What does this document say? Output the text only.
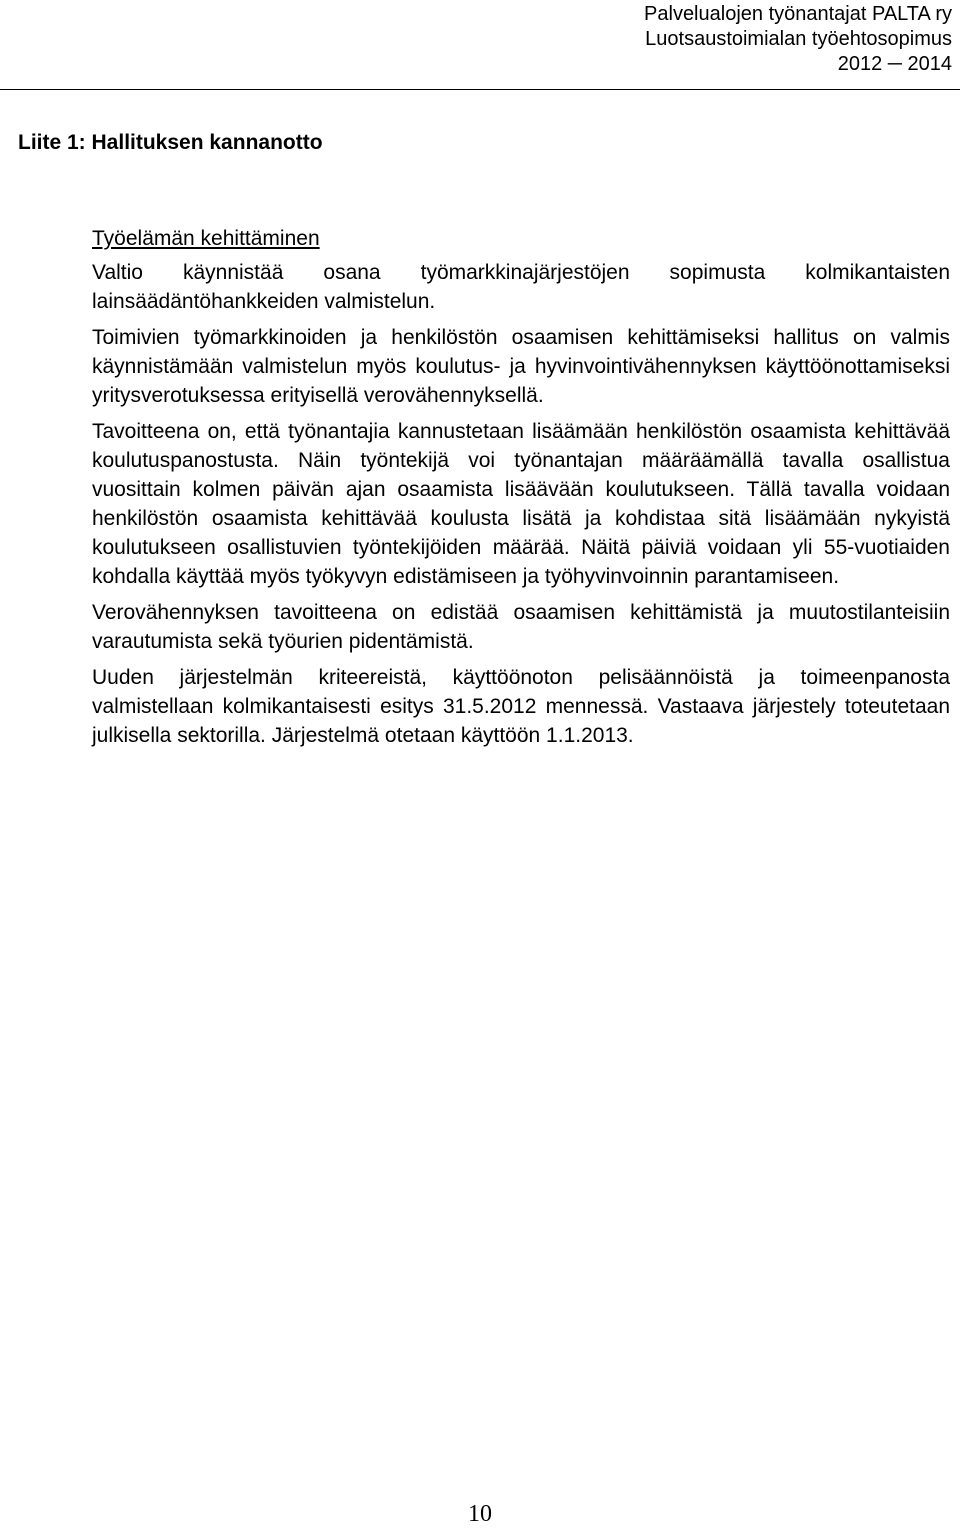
Palvelualojen työnantajat PALTA ry
Luotsaustoimialan työehtosopimus
2012 ─ 2014
Liite 1: Hallituksen kannanotto
Työelämän kehittäminen

Valtio käynnistää osana työmarkkinajärjestöjen sopimusta kolmikantaisten lainsäädäntöhankkeiden valmistelun.

Toimivien työmarkkinoiden ja henkilöstön osaamisen kehittämiseksi hallitus on valmis käynnistämään valmistelun myös koulutus- ja hyvinvointivähennyksen käyttöönottamiseksi yritysverotuksessa erityisellä verovähennyksellä.

Tavoitteena on, että työnantajia kannustetaan lisäämään henkilöstön osaamista kehittävää koulutuspanostusta. Näin työntekijä voi työnantajan määräämällä tavalla osallistua vuosittain kolmen päivän ajan osaamista lisäävään koulutukseen. Tällä tavalla voidaan henkilöstön osaamista kehittävää koulusta lisätä ja kohdistaa sitä lisäämään nykyistä koulutukseen osallistuvien työntekijöiden määrää. Näitä päiviä voidaan yli 55-vuotiaiden kohdalla käyttää myös työkyvyn edistämiseen ja työhyvinvoinnin parantamiseen.

Verovähennyksen tavoitteena on edistää osaamisen kehittämistä ja muutostilanteisiin varautumista sekä työurien pidentämistä.

Uuden järjestelmän kriteereistä, käyttöönoton pelisäännöistä ja toimeenpanosta valmistellaan kolmikantaisesti esitys 31.5.2012 mennessä. Vastaava järjestely toteutetaan julkisella sektorilla. Järjestelmä otetaan käyttöön 1.1.2013.

10
